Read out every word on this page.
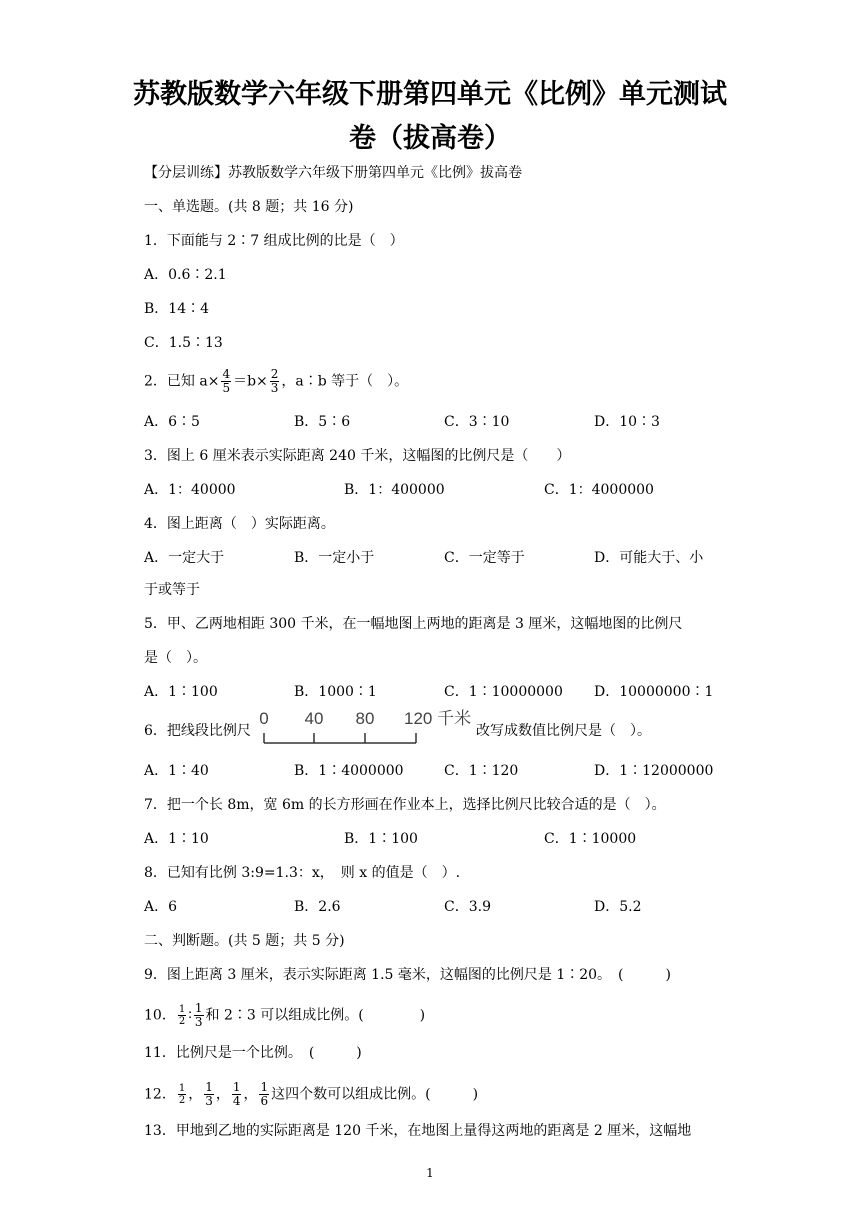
苏教版数学六年级下册第四单元《比例》单元测试
卷（拔高卷）
【分层训练】苏教版数学六年级下册第四单元《比例》拔高卷
一、单选题。(共 8 题；共 16 分)
1．下面能与 2∶7 组成比例的比是（　）
A．0.6∶2.1
B．14∶4
C．1.5∶13
2．已知 $a\times \frac{4}{5} =b\times \frac{2}{3}$ ，a∶b 等于（　）。
A．6∶5	B．5∶6	C．3∶10	D．10∶3
3．图上 6 厘米表示实际距离 240 千米，这幅图的比例尺是（　　）
A．1：40000	B．1：400000	C．1：4000000
4．图上距离（　）实际距离。
A．一定大于	B．一定小于	C．一定等于	D．可能大于、小
于或等于
5．甲、乙两地相距 300 千米，在一幅地图上两地的距离是 3 厘米，这幅地图的比例尺
是（　）。
A．1∶100	B．1000∶1	C．1∶10000000 D．10000000∶1
6．把线段比例尺
0 40 80 120 千米
改写成数值比例尺是（　）。
A．1∶40	B．1∶4000000	C．1∶120	D．1∶12000000
7．把一个长 8m，宽 6m 的长方形画在作业本上，选择比例尺比较合适的是（　）。
A．1∶10	B．1∶100	C．1∶10000
8．已知有比例 3:9=1.3：x，　则 x 的值是（　）.
A．6	B．2.6	C．3.9	D．5.2
二、判断题。(共 5 题；共 5 分)
9．图上距离 3 厘米，表示实际距离 1.5 毫米，这幅图的比例尺是 1∶20。　(　　　)
10． $\frac{1}{2}$ ∶ $\frac{1}{3}$ 和 2∶3 可以组成比例。(　　　　)
11．比例尺是一个比例。　(　　　)
12． $\frac{1}{2}$ ， $\frac{1}{3}$ ， $\frac{1}{4}$ ， $\frac{1}{6}$ 这四个数可以组成比例。(　　　)
13．甲地到乙地的实际距离是 120 千米，在地图上量得这两地的距离是 2 厘米，这幅地
1
